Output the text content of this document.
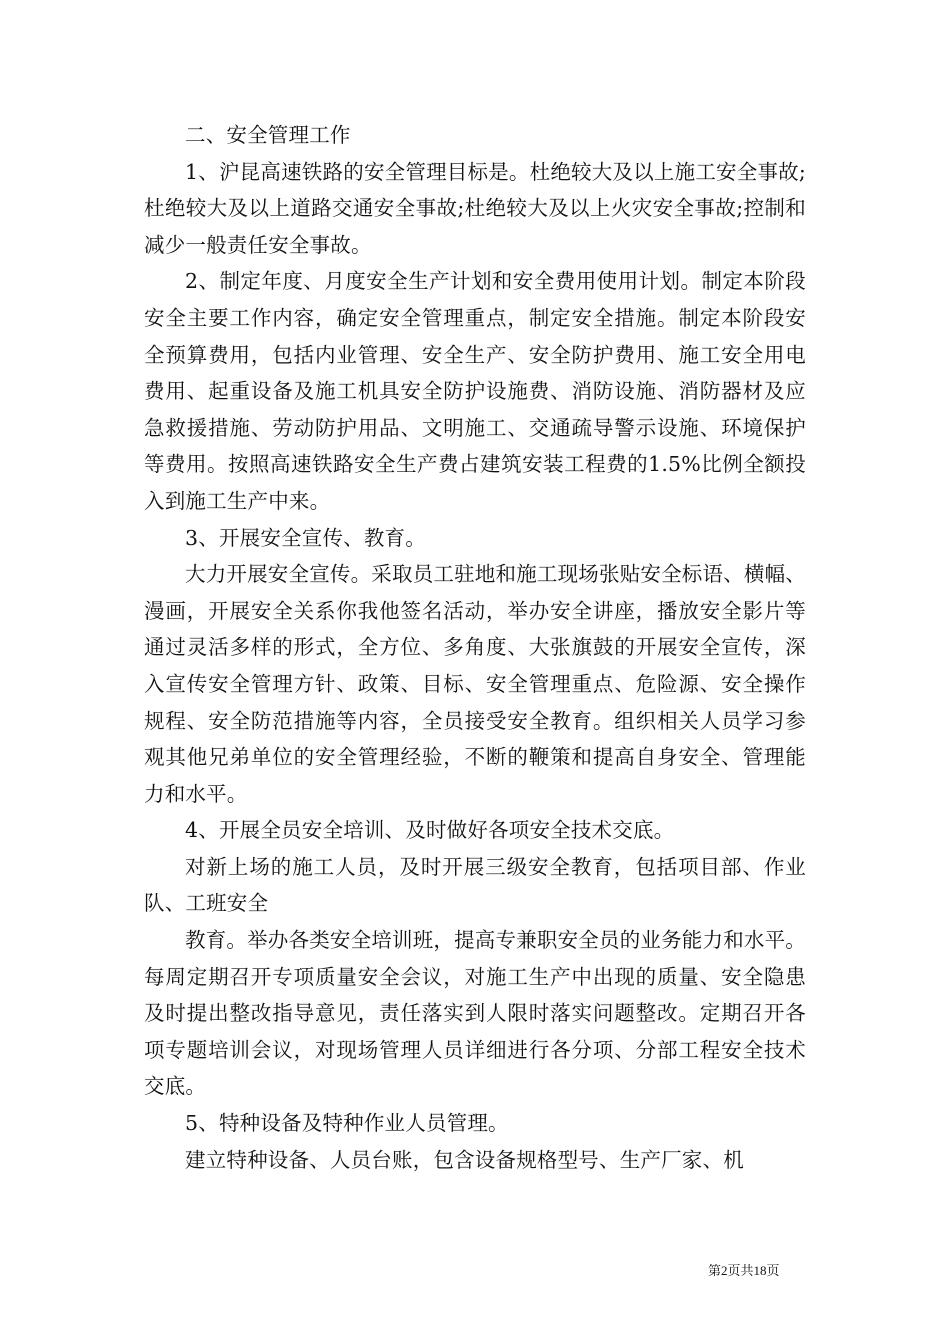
二、安全管理工作

1、沪昆高速铁路的安全管理目标是。杜绝较大及以上施工安全事故;杜绝较大及以上道路交通安全事故;杜绝较大及以上火灾安全事故;控制和减少一般责任安全事故。

2、制定年度、月度安全生产计划和安全费用使用计划。制定本阶段安全主要工作内容，确定安全管理重点，制定安全措施。制定本阶段安全预算费用，包括内业管理、安全生产、安全防护费用、施工安全用电费用、起重设备及施工机具安全防护设施费、消防设施、消防器材及应急救援措施、劳动防护用品、文明施工、交通疏导警示设施、环境保护等费用。按照高速铁路安全生产费占建筑安装工程费的1.5%比例全额投入到施工生产中来。

3、开展安全宣传、教育。

大力开展安全宣传。采取员工驻地和施工现场张贴安全标语、横幅、漫画，开展安全关系你我他签名活动，举办安全讲座，播放安全影片等通过灵活多样的形式，全方位、多角度、大张旗鼓的开展安全宣传，深入宣传安全管理方针、政策、目标、安全管理重点、危险源、安全操作规程、安全防范措施等内容，全员接受安全教育。组织相关人员学习参观其他兄弟单位的安全管理经验，不断的鞭策和提高自身安全、管理能力和水平。

4、开展全员安全培训、及时做好各项安全技术交底。

对新上场的施工人员，及时开展三级安全教育，包括项目部、作业队、工班安全

教育。举办各类安全培训班，提高专兼职安全员的业务能力和水平。每周定期召开专项质量安全会议，对施工生产中出现的质量、安全隐患及时提出整改指导意见，责任落实到人限时落实问题整改。定期召开各项专题培训会议，对现场管理人员详细进行各分项、分部工程安全技术交底。

5、特种设备及特种作业人员管理。

建立特种设备、人员台账，包含设备规格型号、生产厂家、机

第2页共18页
